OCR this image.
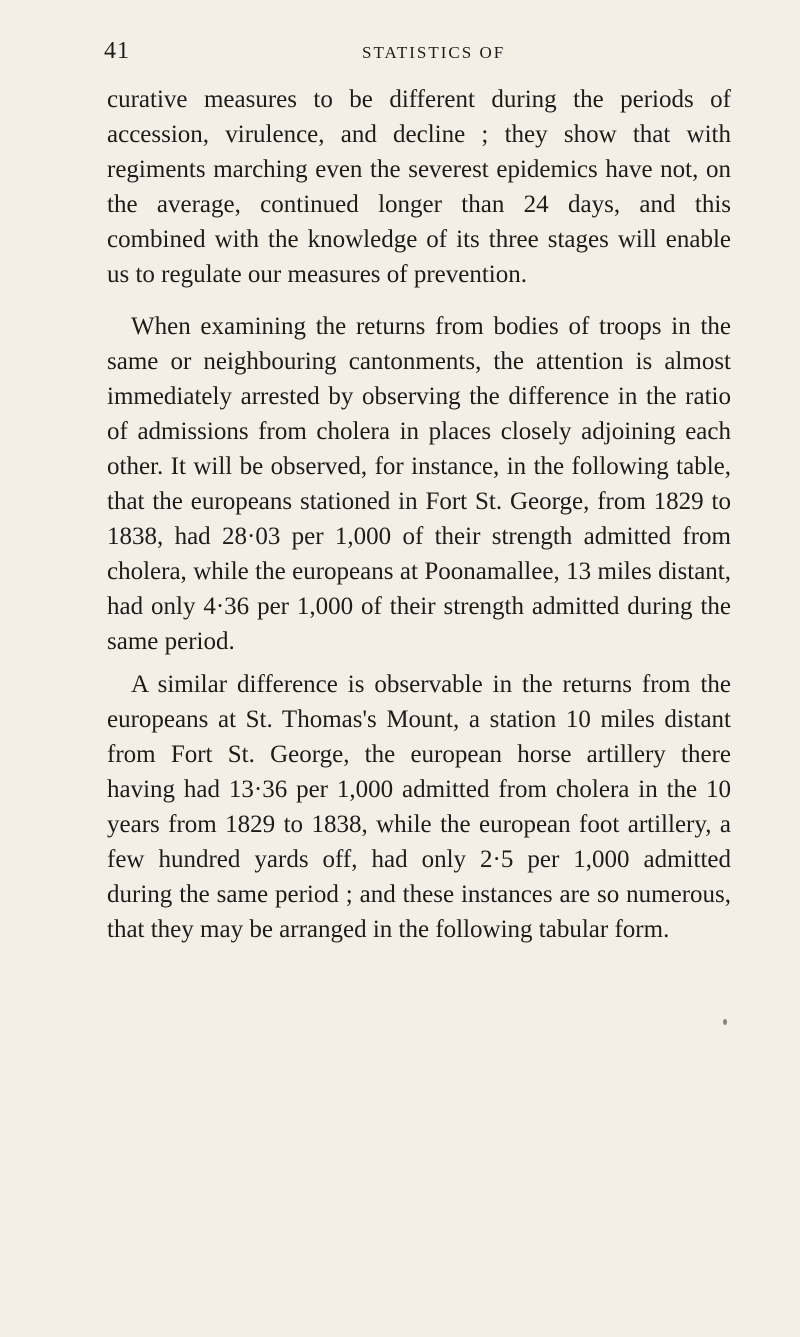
41	STATISTICS OF

curative measures to be different during the periods of accession, virulence, and decline ; they show that with regiments marching even the severest epidemics have not, on the average, continued longer than 24 days, and this combined with the knowledge of its three stages will enable us to regulate our measures of prevention.

When examining the returns from bodies of troops in the same or neighbouring cantonments, the attention is almost immediately arrested by observing the difference in the ratio of admissions from cholera in places closely adjoining each other. It will be observed, for instance, in the following table, that the europeans stationed in Fort St. George, from 1829 to 1838, had 28·03 per 1,000 of their strength admitted from cholera, while the europeans at Poonamallee, 13 miles distant, had only 4·36 per 1,000 of their strength admitted during the same period.

A similar difference is observable in the returns from the europeans at St. Thomas's Mount, a station 10 miles distant from Fort St. George, the european horse artillery there having had 13·36 per 1,000 admitted from cholera in the 10 years from 1829 to 1838, while the european foot artillery, a few hundred yards off, had only 2·5 per 1,000 admitted during the same period ; and these instances are so numerous, that they may be arranged in the following tabular form.
